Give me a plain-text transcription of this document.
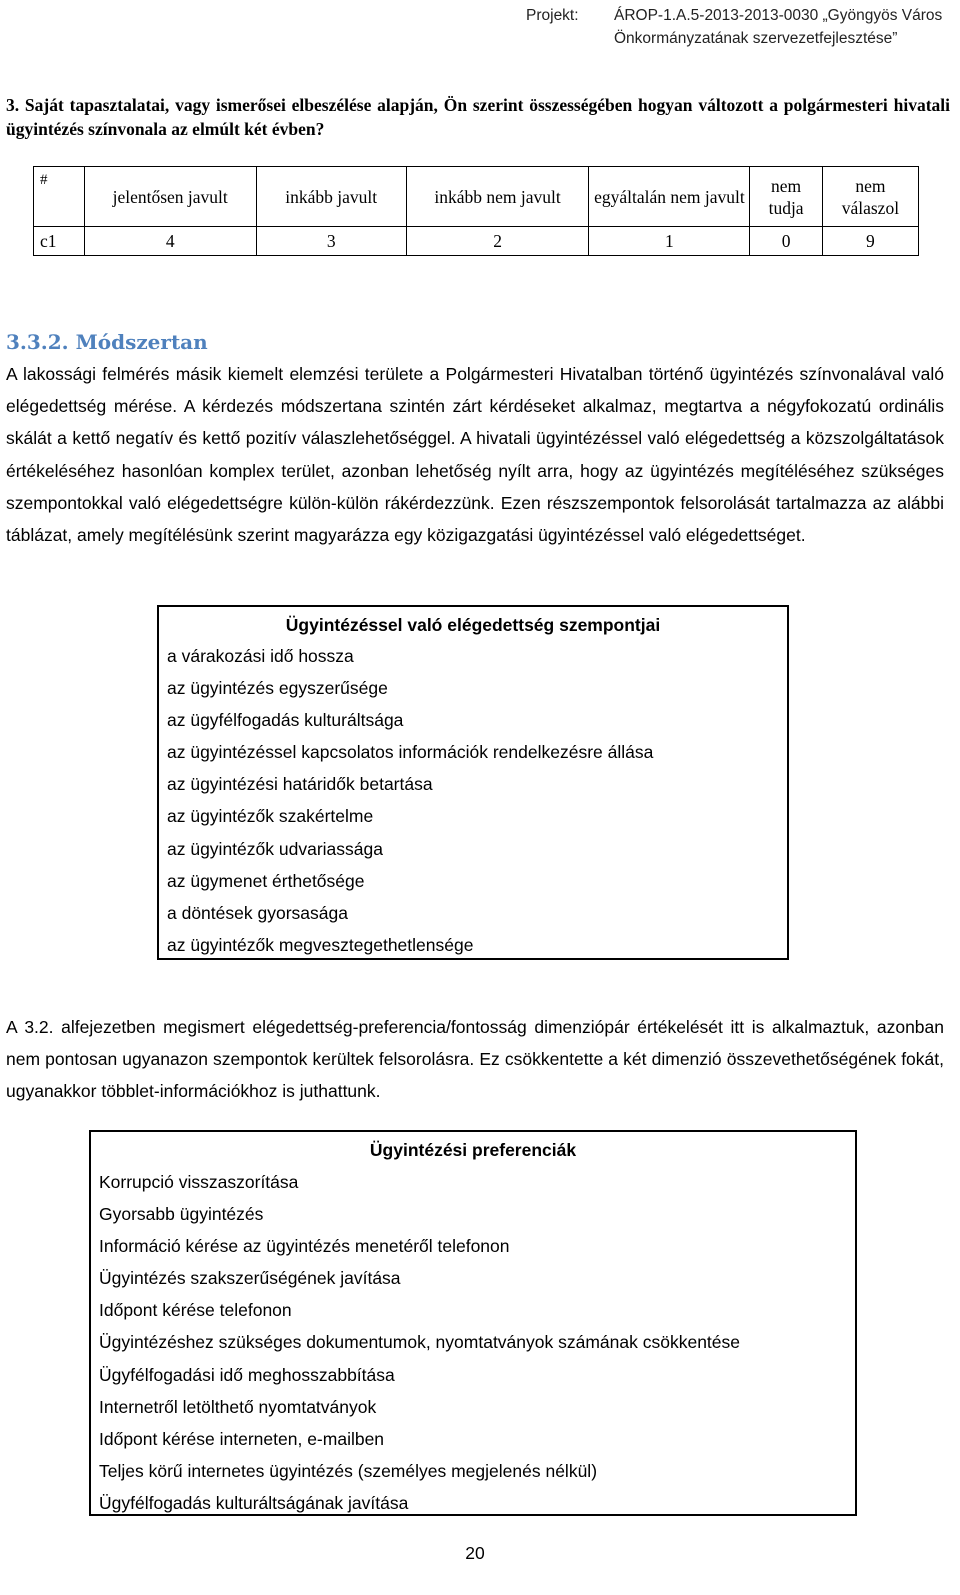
Projekt:	ÁROP-1.A.5-2013-2013-0030 „Gyöngyös Város
Önkormányzatának szervezetfejlesztése”
3. Saját tapasztalatai, vagy ismerősei elbeszélése alapján, Ön szerint összességében hogyan változott a polgármesteri hivatali ügyintézés színvonala az elmúlt két évben?
#	jelentősen javult	inkább javult	inkább nem javult	egyáltalán nem javult	nem tudja	nem válaszol
c1	4	3	2	1	0	9
3.3.2. Módszertan
A lakossági felmérés másik kiemelt elemzési területe a Polgármesteri Hivatalban történő ügyintézés színvonalával való elégedettség mérése. A kérdezés módszertana szintén zárt kérdéseket alkalmaz, megtartva a négyfokozatú ordinális skálát a kettő negatív és kettő pozitív válaszlehetőséggel. A hivatali ügyintézéssel való elégedettség a közszolgáltatások értékeléséhez hasonlóan komplex terület, azonban lehetőség nyílt arra, hogy az ügyintézés megítéléséhez szükséges szempontokkal való elégedettségre külön-külön rákérdezzünk. Ezen részszempontok felsorolását tartalmazza az alábbi táblázat, amely megítélésünk szerint magyarázza egy közigazgatási ügyintézéssel való elégedettséget.
Ügyintézéssel való elégedettség szempontjai
a várakozási idő hossza
az ügyintézés egyszerűsége
az ügyfélfogadás kulturáltsága
az ügyintézéssel kapcsolatos információk rendelkezésre állása
az ügyintézési határidők betartása
az ügyintézők szakértelme
az ügyintézők udvariassága
az ügymenet érthetősége
a döntések gyorsasága
az ügyintézők megvesztegethetlensége
A 3.2. alfejezetben megismert elégedettség-preferencia/fontosság dimenziópár értékelését itt is alkalmaztuk, azonban nem pontosan ugyanazon szempontok kerültek felsorolásra. Ez csökkentette a két dimenzió összevethetőségének fokát, ugyanakkor többlet-információkhoz is juthattunk.
Ügyintézési preferenciák
Korrupció visszaszorítása
Gyorsabb ügyintézés
Információ kérése az ügyintézés menetéről telefonon
Ügyintézés szakszerűségének javítása
Időpont kérése telefonon
Ügyintézéshez szükséges dokumentumok, nyomtatványok számának csökkentése
Ügyfélfogadási idő meghosszabbítása
Internetről letölthető nyomtatványok
Időpont kérése interneten, e-mailben
Teljes körű internetes ügyintézés (személyes megjelenés nélkül)
Ügyfélfogadás kulturáltságának javítása
20
